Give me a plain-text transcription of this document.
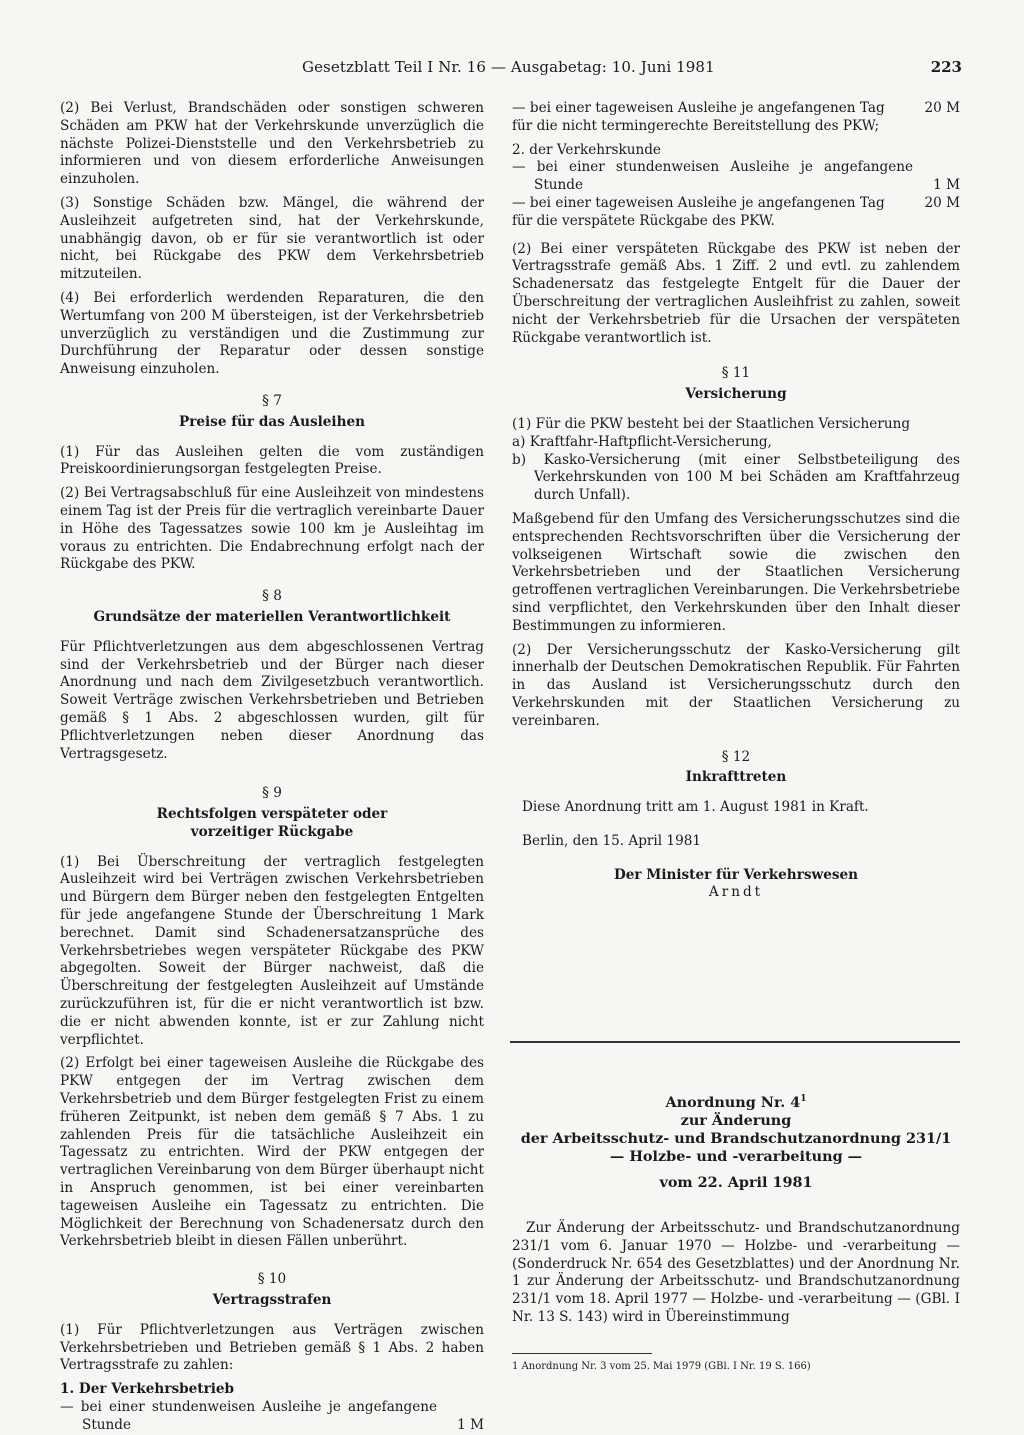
Gesetzblatt Teil I Nr. 16 — Ausgabetag: 10. Juni 1981	223

(2) Bei Verlust, Brandschäden oder sonstigen schweren Schäden am PKW hat der Verkehrskunde unverzüglich die nächste Polizei-Dienststelle und den Verkehrsbetrieb zu informieren und von diesem erforderliche Anweisungen einzuholen.

(3) Sonstige Schäden bzw. Mängel, die während der Ausleihzeit aufgetreten sind, hat der Verkehrskunde, unabhängig davon, ob er für sie verantwortlich ist oder nicht, bei Rückgabe des PKW dem Verkehrsbetrieb mitzuteilen.

(4) Bei erforderlich werdenden Reparaturen, die den Wertumfang von 200 M übersteigen, ist der Verkehrsbetrieb unverzüglich zu verständigen und die Zustimmung zur Durchführung der Reparatur oder dessen sonstige Anweisung einzuholen.

§ 7
Preise für das Ausleihen

(1) Für das Ausleihen gelten die vom zuständigen Preiskoordinierungsorgan festgelegten Preise.

(2) Bei Vertragsabschluß für eine Ausleihzeit von mindestens einem Tag ist der Preis für die vertraglich vereinbarte Dauer in Höhe des Tagessatzes sowie 100 km je Ausleihtag im voraus zu entrichten. Die Endabrechnung erfolgt nach der Rückgabe des PKW.

§ 8
Grundsätze der materiellen Verantwortlichkeit

Für Pflichtverletzungen aus dem abgeschlossenen Vertrag sind der Verkehrsbetrieb und der Bürger nach dieser Anordnung und nach dem Zivilgesetzbuch verantwortlich. Soweit Verträge zwischen Verkehrsbetrieben und Betrieben gemäß § 1 Abs. 2 abgeschlossen wurden, gilt für Pflichtverletzungen neben dieser Anordnung das Vertragsgesetz.

§ 9
Rechtsfolgen verspäteter oder
vorzeitiger Rückgabe

(1) Bei Überschreitung der vertraglich festgelegten Ausleihzeit wird bei Verträgen zwischen Verkehrsbetrieben und Bürgern dem Bürger neben den festgelegten Entgelten für jede angefangene Stunde der Überschreitung 1 Mark berechnet. Damit sind Schadenersatzansprüche des Verkehrsbetriebes wegen verspäteter Rückgabe des PKW abgegolten. Soweit der Bürger nachweist, daß die Überschreitung der festgelegten Ausleihzeit auf Umstände zurückzuführen ist, für die er nicht verantwortlich ist bzw. die er nicht abwenden konnte, ist er zur Zahlung nicht verpflichtet.

(2) Erfolgt bei einer tageweisen Ausleihe die Rückgabe des PKW entgegen der im Vertrag zwischen dem Verkehrsbetrieb und dem Bürger festgelegten Frist zu einem früheren Zeitpunkt, ist neben dem gemäß § 7 Abs. 1 zu zahlenden Preis für die tatsächliche Ausleihzeit ein Tagessatz zu entrichten. Wird der PKW entgegen der vertraglichen Vereinbarung von dem Bürger überhaupt nicht in Anspruch genommen, ist bei einer vereinbarten tageweisen Ausleihe ein Tagessatz zu entrichten. Die Möglichkeit der Berechnung von Schadenersatz durch den Verkehrsbetrieb bleibt in diesen Fällen unberührt.

§ 10
Vertragsstrafen

(1) Für Pflichtverletzungen aus Verträgen zwischen Verkehrsbetrieben und Betrieben gemäß § 1 Abs. 2 haben Vertragsstrafe zu zahlen:

1. Der Verkehrsbetrieb
— bei einer stundenweisen Ausleihe je angefangene Stunde	1 M
— bei einer tageweisen Ausleihe je angefangenen Tag	20 M
für die nicht termingerechte Bereitstellung des PKW;
2. der Verkehrskunde
— bei einer stundenweisen Ausleihe je angefangene Stunde	1 M
— bei einer tageweisen Ausleihe je angefangenen Tag	20 M
für die verspätete Rückgabe des PKW.

(2) Bei einer verspäteten Rückgabe des PKW ist neben der Vertragsstrafe gemäß Abs. 1 Ziff. 2 und evtl. zu zahlendem Schadenersatz das festgelegte Entgelt für die Dauer der Überschreitung der vertraglichen Ausleihfrist zu zahlen, soweit nicht der Verkehrsbetrieb für die Ursachen der verspäteten Rückgabe verantwortlich ist.

§ 11
Versicherung
(1) Für die PKW besteht bei der Staatlichen Versicherung
a) Kraftfahr-Haftpflicht-Versicherung,

b) Kasko-Versicherung (mit einer Selbstbeteiligung des Verkehrskunden von 100 M bei Schäden am Kraftfahrzeug durch Unfall).

Maßgebend für den Umfang des Versicherungsschutzes sind die entsprechenden Rechtsvorschriften über die Versicherung der volkseigenen Wirtschaft sowie die zwischen den Verkehrsbetrieben und der Staatlichen Versicherung getroffenen vertraglichen Vereinbarungen. Die Verkehrsbetriebe sind verpflichtet, den Verkehrskunden über den Inhalt dieser Bestimmungen zu informieren.

(2) Der Versicherungsschutz der Kasko-Versicherung gilt innerhalb der Deutschen Demokratischen Republik. Für Fahrten in das Ausland ist Versicherungsschutz durch den Verkehrskunden mit der Staatlichen Versicherung zu vereinbaren.

§ 12
Inkrafttreten
Diese Anordnung tritt am 1. August 1981 in Kraft.
Berlin, den 15. April 1981
Der Minister für Verkehrswesen
Arndt
Anordnung Nr. $4^1$
zur Änderung
der Arbeitsschutz- und Brandschutzanordnung 231/1
— Holzbe- und -verarbeitung —
vom 22. April 1981
Zur Änderung der Arbeitsschutz- und Brandschutzanordnung 231/1 vom 6. Januar 1970 — Holzbe- und -verarbeitung — (Sonderdruck Nr. 654 des Gesetzblattes) und der Anordnung Nr. 1 zur Änderung der Arbeitsschutz- und Brandschutzanordnung 231/1 vom 18. April 1977 — Holzbe- und -verarbeitung — (GBl. I Nr. 13 S. 143) wird in Übereinstimmung
1 Anordnung Nr. 3 vom 25. Mai 1979 (GBl. I Nr. 19 S. 166)
